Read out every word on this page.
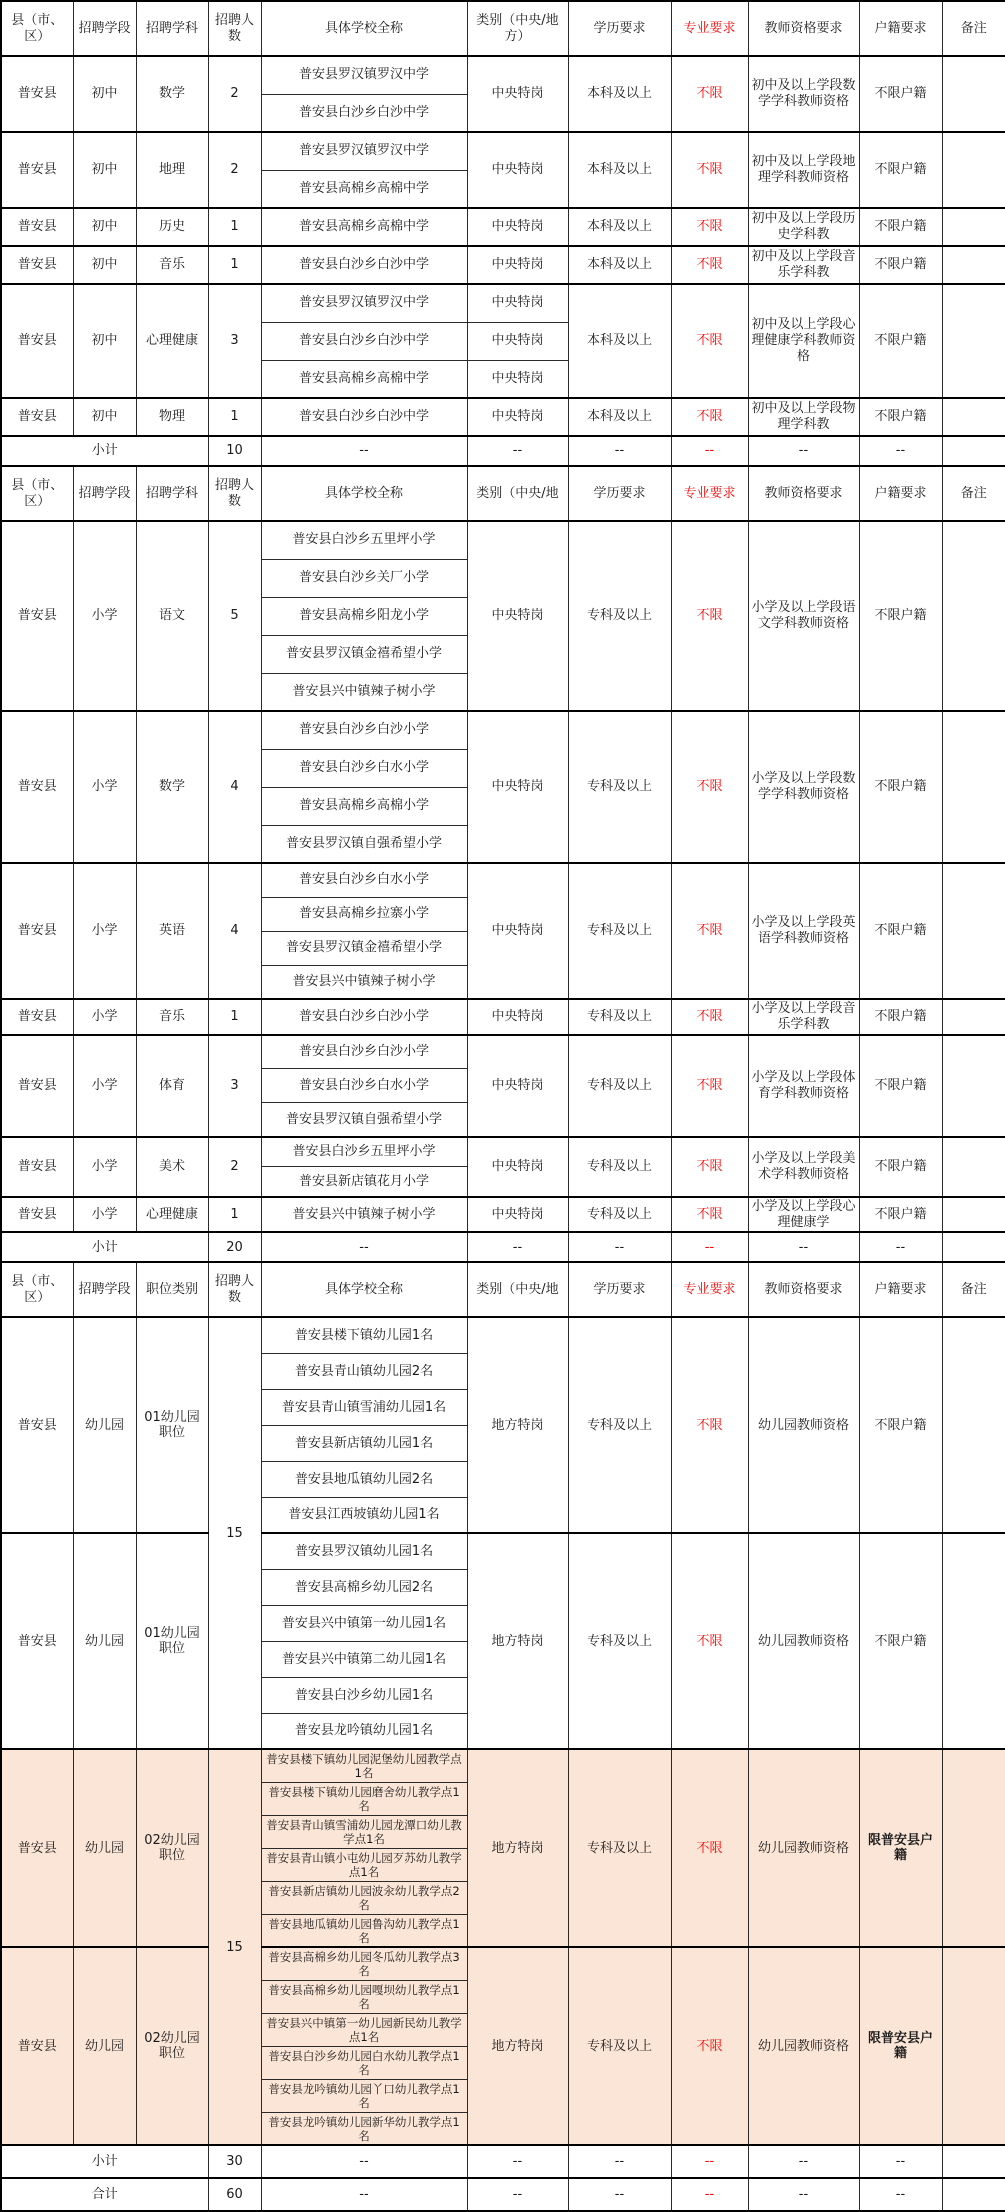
县（市、区）	招聘学段	招聘学科	招聘人数	具体学校全称	类别（中央/地方）	学历要求	专业要求	教师资格要求	户籍要求	备注
普安县	初中	数学	2	普安县罗汉镇罗汉中学	中央特岗	本科及以上	不限	初中及以上学段数学学科教师资格	不限户籍	
				普安县白沙乡白沙中学						
普安县	初中	地理	2	普安县罗汉镇罗汉中学	中央特岗	本科及以上	不限	初中及以上学段地理学科教师资格	不限户籍	
				普安县高棉乡高棉中学						
普安县	初中	历史	1	普安县高棉乡高棉中学	中央特岗	本科及以上	不限	初中及以上学段历史学科教	不限户籍	
普安县	初中	音乐	1	普安县白沙乡白沙中学	中央特岗	本科及以上	不限	初中及以上学段音乐学科教	不限户籍	
普安县	初中	心理健康	3	普安县罗汉镇罗汉中学	中央特岗	本科及以上	不限	初中及以上学段心理健康学科教师资格	不限户籍	
				普安县白沙乡白沙中学	中央特岗					
				普安县高棉乡高棉中学	中央特岗					
普安县	初中	物理	1	普安县白沙乡白沙中学	中央特岗	本科及以上	不限	初中及以上学段物理学科教	不限户籍	
小计			10	--	--	--	--	--	--	
县（市、区）	招聘学段	招聘学科	招聘人数	具体学校全称	类别（中央/地	学历要求	专业要求	教师资格要求	户籍要求	备注
普安县	小学	语文	5	普安县白沙乡五里坪小学	中央特岗	专科及以上	不限	小学及以上学段语文学科教师资格	不限户籍	
				普安县白沙乡关厂小学						
				普安县高棉乡阳龙小学						
				普安县罗汉镇金禧希望小学						
				普安县兴中镇辣子树小学						
普安县	小学	数学	4	普安县白沙乡白沙小学	中央特岗	专科及以上	不限	小学及以上学段数学学科教师资格	不限户籍	
				普安县白沙乡白水小学						
				普安县高棉乡高棉小学						
				普安县罗汉镇自强希望小学						
普安县	小学	英语	4	普安县白沙乡白水小学	中央特岗	专科及以上	不限	小学及以上学段英语学科教师资格	不限户籍	
				普安县高棉乡拉寨小学						
				普安县罗汉镇金禧希望小学						
				普安县兴中镇辣子树小学						
普安县	小学	音乐	1	普安县白沙乡白沙小学	中央特岗	专科及以上	不限	小学及以上学段音乐学科教	不限户籍	
普安县	小学	体育	3	普安县白沙乡白沙小学	中央特岗	专科及以上	不限	小学及以上学段体育学科教师资格	不限户籍	
				普安县白沙乡白水小学						
				普安县罗汉镇自强希望小学						
普安县	小学	美术	2	普安县白沙乡五里坪小学	中央特岗	专科及以上	不限	小学及以上学段美术学科教师资格	不限户籍	
				普安县新店镇花月小学						
普安县	小学	心理健康	1	普安县兴中镇辣子树小学	中央特岗	专科及以上	不限	小学及以上学段心理健康学	不限户籍	
小计			20	--	--	--	--	--	--	
县（市、区）	招聘学段	职位类别	招聘人数	具体学校全称	类别（中央/地	学历要求	专业要求	教师资格要求	户籍要求	备注
普安县	幼儿园	01幼儿园职位	15	普安县楼下镇幼儿园1名	地方特岗	专科及以上	不限	幼儿园教师资格	不限户籍	
				普安县青山镇幼儿园2名						
				普安县青山镇雪浦幼儿园1名						
				普安县新店镇幼儿园1名						
				普安县地瓜镇幼儿园2名						
				普安县江西坡镇幼儿园1名						
普安县	幼儿园	01幼儿园职位		普安县罗汉镇幼儿园1名	地方特岗	专科及以上	不限	幼儿园教师资格	不限户籍	
				普安县高棉乡幼儿园2名						
				普安县兴中镇第一幼儿园1名						
				普安县兴中镇第二幼儿园1名						
				普安县白沙乡幼儿园1名						
				普安县龙吟镇幼儿园1名						
普安县	幼儿园	02幼儿园职位	15	普安县楼下镇幼儿园泥堡幼儿园教学点1名	地方特岗	专科及以上	不限	幼儿园教师资格	限普安县户籍	
				普安县楼下镇幼儿园磨舍幼儿教学点1名						
				普安县青山镇雪浦幼儿园龙潭口幼儿教学点1名						
				普安县青山镇小屯幼儿园歹苏幼儿教学点1名						
				普安县新店镇幼儿园波汆幼儿教学点2名						
				普安县地瓜镇幼儿园鲁沟幼儿教学点1名						
普安县	幼儿园	02幼儿园职位		普安县高棉乡幼儿园冬瓜幼儿教学点3名	地方特岗	专科及以上	不限	幼儿园教师资格	限普安县户籍	
				普安县高棉乡幼儿园嘎坝幼儿教学点1名						
				普安县兴中镇第一幼儿园新民幼儿教学点1名						
				普安县白沙乡幼儿园白水幼儿教学点1名						
				普安县龙吟镇幼儿园丫口幼儿教学点1名						
				普安县龙吟镇幼儿园新华幼儿教学点1名						
小计			30	--	--	--	--	--	--	
合计			60	--	--	--	--	--	--	
